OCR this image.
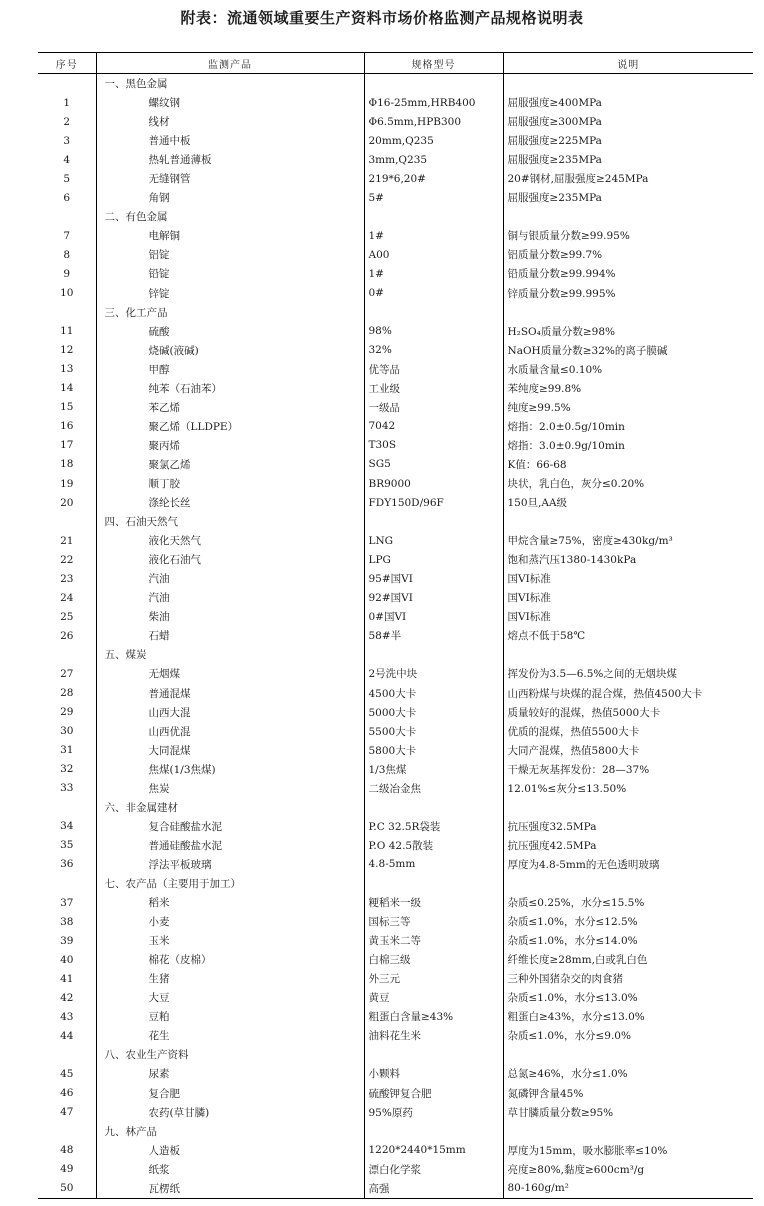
附表：流通领域重要生产资料市场价格监测产品规格说明表
序号	监测产品	规格型号	说明
	一、黑色金属		
1	螺纹钢	Φ16-25mm,HRB400	屈服强度≥400MPa
2	线材	Φ6.5mm,HPB300	屈服强度≥300MPa
3	普通中板	20mm,Q235	屈服强度≥225MPa
4	热轧普通薄板	3mm,Q235	屈服强度≥235MPa
5	无缝钢管	219*6,20#	20#钢材,屈服强度≥245MPa
6	角钢	5#	屈服强度≥235MPa
	二、有色金属		
7	电解铜	1#	铜与银质量分数≥99.95%
8	铝锭	A00	铝质量分数≥99.7%
9	铅锭	1#	铅质量分数≥99.994%
10	锌锭	0#	锌质量分数≥99.995%
	三、化工产品		
11	硫酸	98%	H₂SO₄质量分数≥98%
12	烧碱(液碱)	32%	NaOH质量分数≥32%的离子膜碱
13	甲醇	优等品	水质量含量≤0.10%
14	纯苯（石油苯）	工业级	苯纯度≥99.8%
15	苯乙烯	一级品	纯度≥99.5%
16	聚乙烯（LLDPE）	7042	熔指：2.0±0.5g/10min
17	聚丙烯	T30S	熔指：3.0±0.9g/10min
18	聚氯乙烯	SG5	K值：66-68
19	顺丁胶	BR9000	块状，乳白色，灰分≤0.20%
20	涤纶长丝	FDY150D/96F	150旦,AA级
	四、石油天然气		
21	液化天然气	LNG	甲烷含量≥75%，密度≥430kg/m³
22	液化石油气	LPG	饱和蒸汽压1380-1430kPa
23	汽油	95#国VI	国VI标准
24	汽油	92#国VI	国VI标准
25	柴油	0#国VI	国VI标准
26	石蜡	58#半	熔点不低于58℃
	五、煤炭		
27	无烟煤	2号洗中块	挥发份为3.5—6.5%之间的无烟块煤
28	普通混煤	4500大卡	山西粉煤与块煤的混合煤，热值4500大卡
29	山西大混	5000大卡	质量较好的混煤，热值5000大卡
30	山西优混	5500大卡	优质的混煤，热值5500大卡
31	大同混煤	5800大卡	大同产混煤，热值5800大卡
32	焦煤(1/3焦煤)	1/3焦煤	干燥无灰基挥发份：28—37%
33	焦炭	二级冶金焦	12.01%≤灰分≤13.50%
	六、非金属建材		
34	复合硅酸盐水泥	P.C 32.5R袋装	抗压强度32.5MPa
35	普通硅酸盐水泥	P.O 42.5散装	抗压强度42.5MPa
36	浮法平板玻璃	4.8-5mm	厚度为4.8-5mm的无色透明玻璃
	七、农产品（主要用于加工）		
37	稻米	粳稻米一级	杂质≤0.25%，水分≤15.5%
38	小麦	国标三等	杂质≤1.0%，水分≤12.5%
39	玉米	黄玉米二等	杂质≤1.0%，水分≤14.0%
40	棉花（皮棉）	白棉三级	纤维长度≥28mm,白或乳白色
41	生猪	外三元	三种外国猪杂交的肉食猪
42	大豆	黄豆	杂质≤1.0%，水分≤13.0%
43	豆粕	粗蛋白含量≥43%	粗蛋白≥43%，水分≤13.0%
44	花生	油料花生米	杂质≤1.0%，水分≤9.0%
	八、农业生产资料		
45	尿素	小颗料	总氮≥46%，水分≤1.0%
46	复合肥	硫酸钾复合肥	氮磷钾含量45%
47	农药(草甘膦)	95%原药	草甘膦质量分数≥95%
	九、林产品		
48	人造板	1220*2440*15mm	厚度为15mm，吸水膨胀率≤10%
49	纸浆	漂白化学浆	亮度≥80%,黏度≥600cm³/g
50	瓦楞纸	高强	80-160g/m²
